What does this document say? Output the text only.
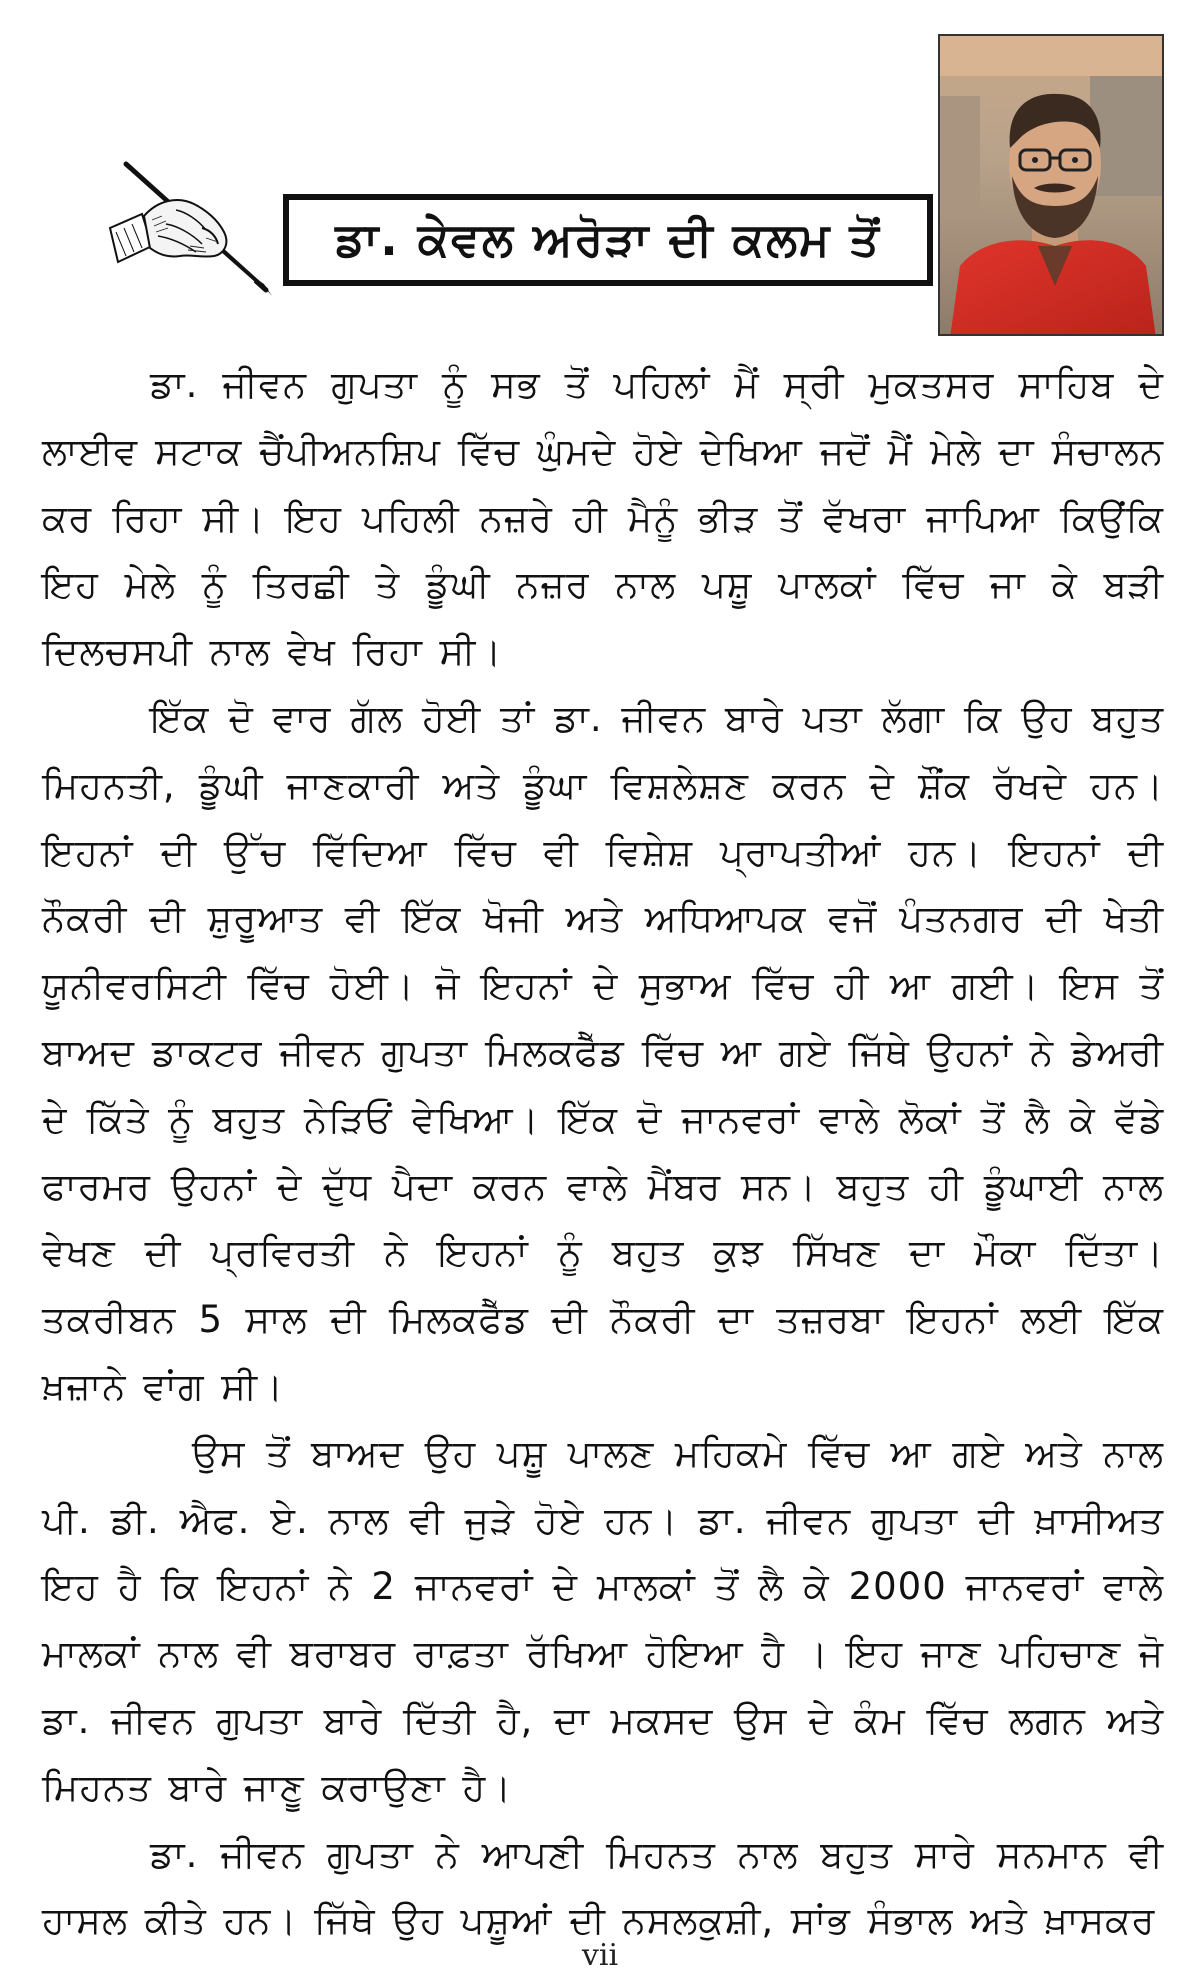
ਡਾ. ਕੇਵਲ ਅਰੋੜਾ ਦੀ ਕਲਮ ਤੋਂ

ਡਾ. ਜੀਵਨ ਗੁਪਤਾ ਨੂੰ ਸਭ ਤੋਂ ਪਹਿਲਾਂ ਮੈਂ ਸ੍ਰੀ ਮੁਕਤਸਰ ਸਾਹਿਬ ਦੇ ਲਾਈਵ ਸਟਾਕ ਚੈਂਪੀਅਨਸ਼ਿਪ ਵਿੱਚ ਘੁੰਮਦੇ ਹੋਏ ਦੇਖਿਆ ਜਦੋਂ ਮੈਂ ਮੇਲੇ ਦਾ ਸੰਚਾਲਨ ਕਰ ਰਿਹਾ ਸੀ। ਇਹ ਪਹਿਲੀ ਨਜ਼ਰੇ ਹੀ ਮੈਨੂੰ ਭੀੜ ਤੋਂ ਵੱਖਰਾ ਜਾਪਿਆ ਕਿਉਂਕਿ ਇਹ ਮੇਲੇ ਨੂੰ ਤਿਰਛੀ ਤੇ ਡੂੰਘੀ ਨਜ਼ਰ ਨਾਲ ਪਸ਼ੂ ਪਾਲਕਾਂ ਵਿੱਚ ਜਾ ਕੇ ਬੜੀ ਦਿਲਚਸਪੀ ਨਾਲ ਵੇਖ ਰਿਹਾ ਸੀ।

ਇੱਕ ਦੋ ਵਾਰ ਗੱਲ ਹੋਈ ਤਾਂ ਡਾ. ਜੀਵਨ ਬਾਰੇ ਪਤਾ ਲੱਗਾ ਕਿ ਉਹ ਬਹੁਤ ਮਿਹਨਤੀ, ਡੂੰਘੀ ਜਾਣਕਾਰੀ ਅਤੇ ਡੂੰਘਾ ਵਿਸ਼ਲੇਸ਼ਣ ਕਰਨ ਦੇ ਸ਼ੌਂਕ ਰੱਖਦੇ ਹਨ। ਇਹਨਾਂ ਦੀ ਉੱਚ ਵਿੱਦਿਆ ਵਿੱਚ ਵੀ ਵਿਸ਼ੇਸ਼ ਪ੍ਰਾਪਤੀਆਂ ਹਨ। ਇਹਨਾਂ ਦੀ ਨੌਕਰੀ ਦੀ ਸ਼ੁਰੂਆਤ ਵੀ ਇੱਕ ਖੋਜੀ ਅਤੇ ਅਧਿਆਪਕ ਵਜੋਂ ਪੰਤਨਗਰ ਦੀ ਖੇਤੀ ਯੂਨੀਵਰਸਿਟੀ ਵਿੱਚ ਹੋਈ। ਜੋ ਇਹਨਾਂ ਦੇ ਸੁਭਾਅ ਵਿੱਚ ਹੀ ਆ ਗਈ। ਇਸ ਤੋਂ ਬਾਅਦ ਡਾਕਟਰ ਜੀਵਨ ਗੁਪਤਾ ਮਿਲਕਫੈੱਡ ਵਿੱਚ ਆ ਗਏ ਜਿੱਥੇ ਉਹਨਾਂ ਨੇ ਡੇਅਰੀ ਦੇ ਕਿੱਤੇ ਨੂੰ ਬਹੁਤ ਨੇੜਿਓਂ ਵੇਖਿਆ। ਇੱਕ ਦੋ ਜਾਨਵਰਾਂ ਵਾਲੇ ਲੋਕਾਂ ਤੋਂ ਲੈ ਕੇ ਵੱਡੇ ਫਾਰਮਰ ਉਹਨਾਂ ਦੇ ਦੁੱਧ ਪੈਦਾ ਕਰਨ ਵਾਲੇ ਮੈਂਬਰ ਸਨ। ਬਹੁਤ ਹੀ ਡੂੰਘਾਈ ਨਾਲ ਵੇਖਣ ਦੀ ਪ੍ਰਵਿਰਤੀ ਨੇ ਇਹਨਾਂ ਨੂੰ ਬਹੁਤ ਕੁਝ ਸਿੱਖਣ ਦਾ ਮੌਕਾ ਦਿੱਤਾ। ਤਕਰੀਬਨ 5 ਸਾਲ ਦੀ ਮਿਲਕਫੈੱਡ ਦੀ ਨੌਕਰੀ ਦਾ ਤਜ਼ਰਬਾ ਇਹਨਾਂ ਲਈ ਇੱਕ ਖ਼ਜ਼ਾਨੇ ਵਾਂਗ ਸੀ।

ਉਸ ਤੋਂ ਬਾਅਦ ਉਹ ਪਸ਼ੂ ਪਾਲਣ ਮਹਿਕਮੇ ਵਿੱਚ ਆ ਗਏ ਅਤੇ ਨਾਲ ਪੀ. ਡੀ. ਐਫ. ਏ. ਨਾਲ ਵੀ ਜੁੜੇ ਹੋਏ ਹਨ। ਡਾ. ਜੀਵਨ ਗੁਪਤਾ ਦੀ ਖ਼ਾਸੀਅਤ ਇਹ ਹੈ ਕਿ ਇਹਨਾਂ ਨੇ 2 ਜਾਨਵਰਾਂ ਦੇ ਮਾਲਕਾਂ ਤੋਂ ਲੈ ਕੇ 2000 ਜਾਨਵਰਾਂ ਵਾਲੇ ਮਾਲਕਾਂ ਨਾਲ ਵੀ ਬਰਾਬਰ ਰਾਫ਼ਤਾ ਰੱਖਿਆ ਹੋਇਆ ਹੈ । ਇਹ ਜਾਣ ਪਹਿਚਾਣ ਜੋ ਡਾ. ਜੀਵਨ ਗੁਪਤਾ ਬਾਰੇ ਦਿੱਤੀ ਹੈ, ਦਾ ਮਕਸਦ ਉਸ ਦੇ ਕੰਮ ਵਿੱਚ ਲਗਨ ਅਤੇ ਮਿਹਨਤ ਬਾਰੇ ਜਾਣੂ ਕਰਾਉਣਾ ਹੈ।

ਡਾ. ਜੀਵਨ ਗੁਪਤਾ ਨੇ ਆਪਣੀ ਮਿਹਨਤ ਨਾਲ ਬਹੁਤ ਸਾਰੇ ਸਨਮਾਨ ਵੀ ਹਾਸਲ ਕੀਤੇ ਹਨ। ਜਿੱਥੇ ਉਹ ਪਸ਼ੂਆਂ ਦੀ ਨਸਲਕੁਸ਼ੀ, ਸਾਂਭ ਸੰਭਾਲ ਅਤੇ ਖ਼ਾਸਕਰ

vii
